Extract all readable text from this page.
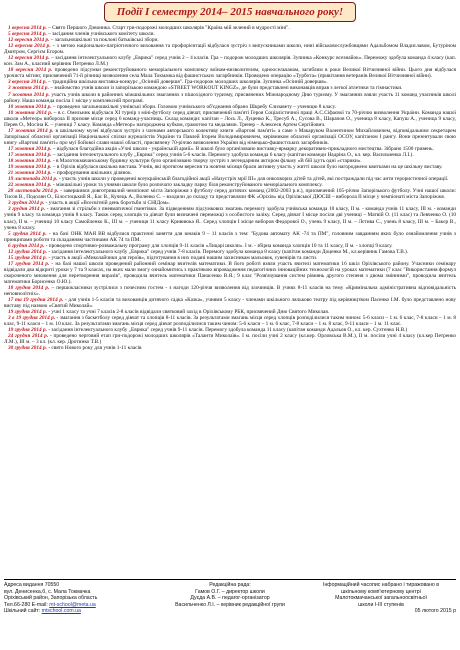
Події I семестру 2014– 2015 навчального року!

1 вересня 2014 р. – Свято Першого Дзвоника. Старт гри-подорожі молодших школярів "Країна мій зелений в мудрості міні".

5 вересня 2014 р. – засідання членів учнівського комітету школи.

12 вересня 2014 р. – загальношкільні та поклоні батьківські збори.

12 вересня 2014 р. – з метою національно-патріотичного виховання та профорієнтації відбулася зустріч з випускниками школи, нині військовослужбовцями Адальбомом Владиславом, Бутуріном Дмитром, Сергієм Егором.

12 вересня 2014 р. – засідання інтелектуального клубу „Еврика" серед учнів 2 – 4 класів. Гра – подорож молодших школярів. Зупинка «Конкурс всезнайок». Переможу здобула команда 4 класу (кап. кон. Зам А., класний керівник Петренко Л.М.)

18 вересня 2014 р. проведено підсумки реконструйованого меморіального комплексу воїнам-визволителям, одноосельчанам, загиблим в роки Великої Вітчизняної війни. Цього дня відбулася урочиста мітинг, присвячений 71-й річниці визволення села Мала Токмачка від фашистських загарбників. Проведено операцію «Турбота» (привітання ветеранів Великої Вітчизняної війни).

3 вересня 2014 р. – традиційна шкільна виставка-конкурс „Осінній довершя". Гра-подорож молодших школярів. Зупинка «Осінній довершя».

3 жовтня 2014 р. – знайомство учнів школи із запорізькою командою «STREET WORKOUT KINGZ», де були представлені виконавців вправ з легкої атлетики та гімнастики.

7 жовтня 2014 р. участь учнів школи в районних міжшкільних змаганнях з пішохідного туризму, присвячених Міжнародному Дню туризму. У змаганнях взяли участь 11 команд учасників школі району. Наша команда посіла 1 місце у комплексній програмі.

10 жовтня 2014 р. – проведено загальношкільні учнівські збори. Головою учнівського об'єднання обрано Шкребу Єлизавету – ученицю 8 класу.

10 жовтня 2014 р. – в с. Омельник відбулася XI турнір з міні-футболу серед дівчат, присвячений пам'яті Героя Соціалістичної праці А.С.Сіфаєвої та 70-річчю визволення України. Команда нашої школи «Метеор» виборола II призове місце серед 6 команд-учасниць. Склад команди: капітан – Лось Л., Луценко К., Тресуб А., Сусова В., Шарапов О., ученица 8 класу, Капуш А., ученица 9 класу, Перев О., Мосіна К. – учениці 7 класу. Команда «Метеор» нагороджена кубком, грамотою та медалями. Тренер – Алексеєв Артем Сергійович.

17 жовтня 2014 р. в шкільному музеї відбулася зустріч з членами авторського колективу книги «Вартові пам'яті» а саме з Макаруком Валентином Михайловичем, відповідальним секретарем Запорізької обласної організації Національної спілки журналістів України та Павлей Ігорем Володимировичем, керівником обласної організації ОСОУ, капітаном І рангу. Вони презентували свою книгу «Вартові пам'яті» про муї бойової слави нашої області, присвячену 70-річчю визволення України від німецько-фашистських загарбників.

17 жовтня 2014 р. – відбулася благодійна акція «Учні школи - українській армії». В школі було організовано виставку-ярмарку декоративно-прикладного мистецтва. Зібрано 1500 гривень.

17 жовтня 2014 р. – засідання інтелектуального клубу „Еврика" серед учнів 5-6 класів. Перемогу здобула команда 6 класу (капітан команди Надріна О., кл. кер. Васильченко Л.І.).

18 жовтня 2014 р. - в Малотокмачанському будинку культури було організовано творчу зустріч з легендарним актором фільму «В бій ідуть одні «старики».

19 жовтня 2014 р. – в Оріхів відбулася шкільна вистава. Учнів, які протягом вересня та жовтня місяця брали активну участь у житті школи було нагороджено квитками на це шкільну виставу.

21 жовтня 2014 р. – профорування шкільних ділянок.

19 листопада 2014 р. - участь учнів школи у проведенні всеукраїнській благодійної акції «Назустріч мрії III» для онкохворих дітей та дітей, які постраждали під час анти терористичної операції.

22 жовтня 2014 р. - міжшкільні уроки та учнями школи було розпочато закладку парку біля реконструйованого меморіального комплексу.

28 листопада 2014 р. - завершився довготривалий чемпіонат міста Запоріжжя з футболу серед дитячих команд (2002-2003 р.н.), присвячений 105-річчю Запорізького футболу. Учні нашої школи: Тисов В., Подолян О., Білостоцький Я., Бас В., Кучець А., Воленко С. – входили до складу та представляли ФК «Оріхів» від Оріхівської ДЮСШ – виборола II місце у чемпіонаті міста Запоріжжя.

3 грудня 2014 р. - участь в акції «Всесвітній день боротьби зі СНІДом».

3 грудня 2014 р. - змагання зі стрільби з пневматичної гвинтівки. За підведенням підсумкових змагань перемогу здобула учнівська команда 10 класу, II м. - команда учнів 11 класу, III м. - команди учнів 9 класу та команда учнів 8 класу. Також серед хлопців та дівчат були визначені переможці з особистого заліку. Серед дівчат I місце посіли дві учениці – Матвій О. (11 клас) та Левченко О. (10 клас), II м. – учениці 10 класу Самойленко К., III м. – учениця 11 класу Кривнюка Я.. Серед хлопців I місце виборов Федорової О., учень 9 класу, II м. – Лєтива С., учень 8 класу, III м. – Бакєр В., учень 8 класу.

5 грудня 2014 р. - на базі ОНК МАЯ ВВ відбулися практичні заняття для юнаків 9 – 11 класів з тем: "Будова автомату АК -74 та ПМ", головним завданням яких було ознайомлення учнів з принципами роботи та складанням частинами АК 74 та ПМ.

6 грудня 2014 р. - проведено спортивно-розважальну програму для хлопців 9-11 класів «Лицарі школи». I м. - збірна команда хлопців 10 та 11 класу, II м. - хлопці 9 класу.

12 грудня 2014 р. - засідання інтелектуального клубу „Еврика" серед учнів 7-8 класів. Перемогу здобула команда 8 класу (капітан команди Доценко М., кл.керівник Гамова Т.В.).

15 грудня 2014 р. - участь в акції «Миколайчики для героїв», підготування в них подані нашим захисникам мальовок, сувенірів та листи.

17 грудня 2014 р. - на базі нашої школи проведений районний семінар вчителів математики. В його роботі взяли участь вчителі математики 16 шкіл Оріхівського району. Учасники семінару відвідали два відкриті уроки у 7 та 9 класах, на яких мали змогу ознайомитись з практикою впровадження педагогічних інноваційних технологій на уроках математики (7 клас "Використання формул скороченого множення для перетворення виразів", проводила вчитель математики Панасенко В.Я.; 9 клас "Розв'язування систем рівнянь другого степеня з двома змінними", проводила вчитель математики Борисенко О.Ю.).

18 грудня 2014 р. – першокласники зустрілися з почесним гостем - з нагоди 120-річчя визволення від злочинців. В учнях 8-11 класів на тему «Кримінальна адміністративна відповідальність неповнолітніх».

17 та 19 грудня 2014 р. - для учнів 1-5 класів та вихованців дитячого садка «Казка», учнями 5 класу - членами шкільного ляльково театру під керівництвом Пасенко І.М. було представлено нову виставу під назвою «Святий Миколай».

19 грудня 2014 р. - учні 1 класу та учні 7 класів 2-8 класів відвідали святковий захід в Оріхівському РБК, присвячений Дню Святого Миколая.

3 в 19 грудня 2014 р. - змагання з баскетболу серед дівчат та хлопців 8-11 класів. За результатами змагань місця серед хлопців розподілилися таким чином: 5-6 класи – 1 м. 6 клас, 7-8 класи – 1 м. 8 клас, 9-11 класи – 1 м. 10 клас. За результатами змагань місця серед дівчат розподілилися таким чином: 5-6 класи – 1 м. 6 клас, 7-8 класи – 1 м. 8 клас, 9-11 класи – 1 м. 11 клас.

19 грудня 2014 р. - засідання інтелектуального клубу „Еврика" серед учнів 9-11 класів. Перемогу здобула команда 11 класу (капітан команди Адальов О., кл. кер. Сухтенко Н.В.)

24 грудня 2014 р. - проведено черговий етап гри-подорожі молодших школярів «Таланти Миколаїв». I м. посіли учні 2 класу (кл.кер. Орловська В.М.), II м. посіли учні 4 класу (кл.кер Петренко Л.М.), III м. – 3 кл. (кл. кер. Дротинко Т.В.)

30 грудня 2014 р. - свято Нового року для учнів 1-11 класів

Адреса видання 70550
вул. Денисенка,б, с. Мала Токмачка
Оріхівський район, Запорізька область
Тел.66-280 E-mail: mt-school@meta.ua
Шкільний сайт: mtschool.com.ua
Редакційна рада:
Гамов О.Г. – директор школи
Дуєда А.В. – педагог-організатор
Васильченко Л.І. – керівник редакційної групи
Інформаційний часопис набрано і тиражовано в
шкільному комп'ютерному центрі
Малотокмачанської загальноосвітньої
школи I-III ступенів
05 лютого 2015 р
